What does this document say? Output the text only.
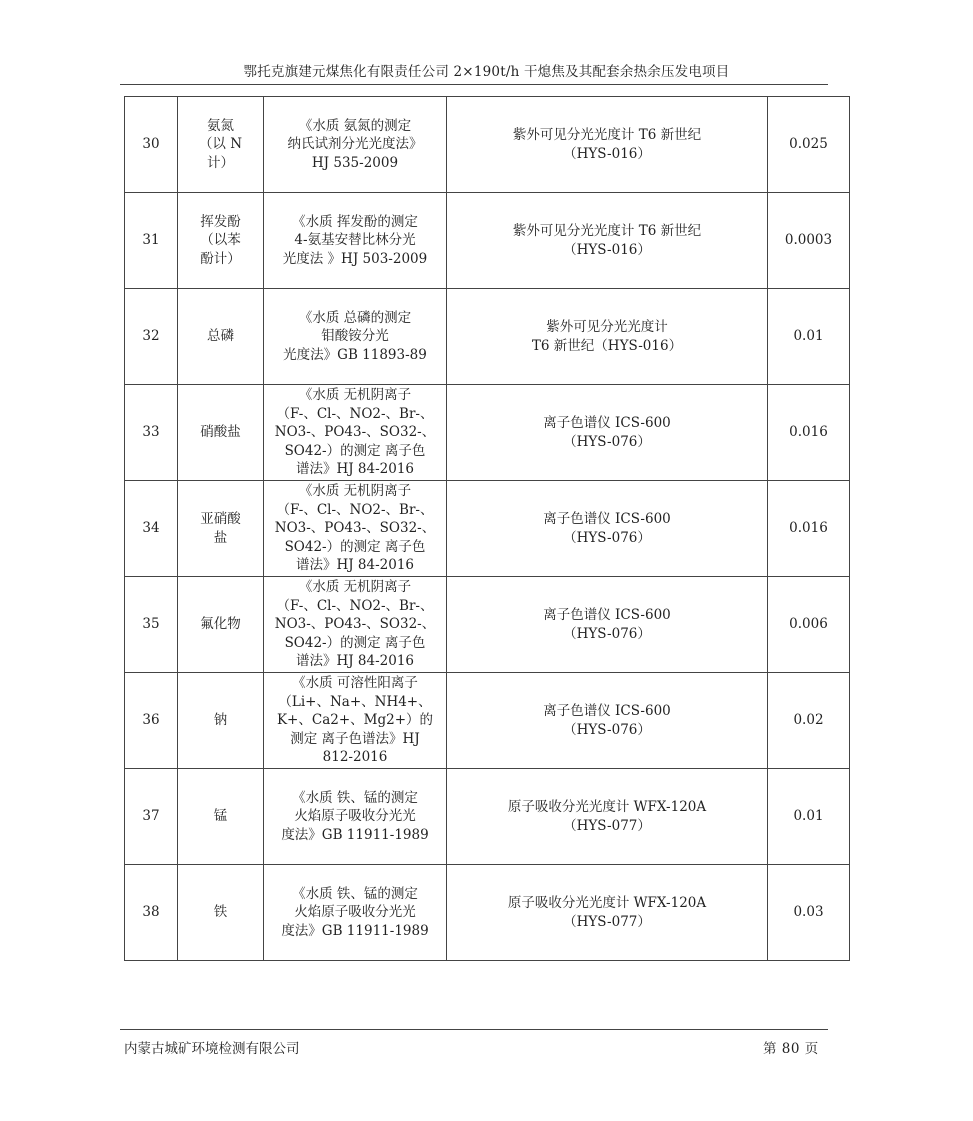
鄂托克旗建元煤焦化有限责任公司 2×190t/h 干熄焦及其配套余热余压发电项目
30	氨氮
（以 N
计）	《水质 氨氮的测定
纳氏试剂分光光度法》
HJ 535-2009	紫外可见分光光度计 T6 新世纪
（HYS-016）	0.025
31	挥发酚
（以苯
酚计）	《水质 挥发酚的测定
4-氨基安替比林分光
光度法 》HJ 503-2009	紫外可见分光光度计 T6 新世纪
（HYS-016）	0.0003
32	总磷	《水质 总磷的测定
钼酸铵分光
光度法》GB 11893-89	紫外可见分光光度计
T6 新世纪（HYS-016）	0.01
33	硝酸盐	《水质 无机阴离子
（F-、Cl-、NO2-、Br-、
NO3-、PO43-、SO32-、
SO42-）的测定 离子色
谱法》HJ 84-2016	离子色谱仪 ICS-600
（HYS-076）	0.016
34	亚硝酸
盐	《水质 无机阴离子
（F-、Cl-、NO2-、Br-、
NO3-、PO43-、SO32-、
SO42-）的测定 离子色
谱法》HJ 84-2016	离子色谱仪 ICS-600
（HYS-076）	0.016
35	氟化物	《水质 无机阴离子
（F-、Cl-、NO2-、Br-、
NO3-、PO43-、SO32-、
SO42-）的测定 离子色
谱法》HJ 84-2016	离子色谱仪 ICS-600
（HYS-076）	0.006
36	钠	《水质 可溶性阳离子
（Li+、Na+、NH4+、
K+、Ca2+、Mg2+）的
测定 离子色谱法》HJ
812-2016	离子色谱仪 ICS-600
（HYS-076）	0.02
37	锰	《水质 铁、锰的测定
火焰原子吸收分光光
度法》GB 11911-1989	原子吸收分光光度计 WFX-120A
（HYS-077）	0.01
38	铁	《水质 铁、锰的测定
火焰原子吸收分光光
度法》GB 11911-1989	原子吸收分光光度计 WFX-120A
（HYS-077）	0.03
内蒙古城矿环境检测有限公司	第 80 页
